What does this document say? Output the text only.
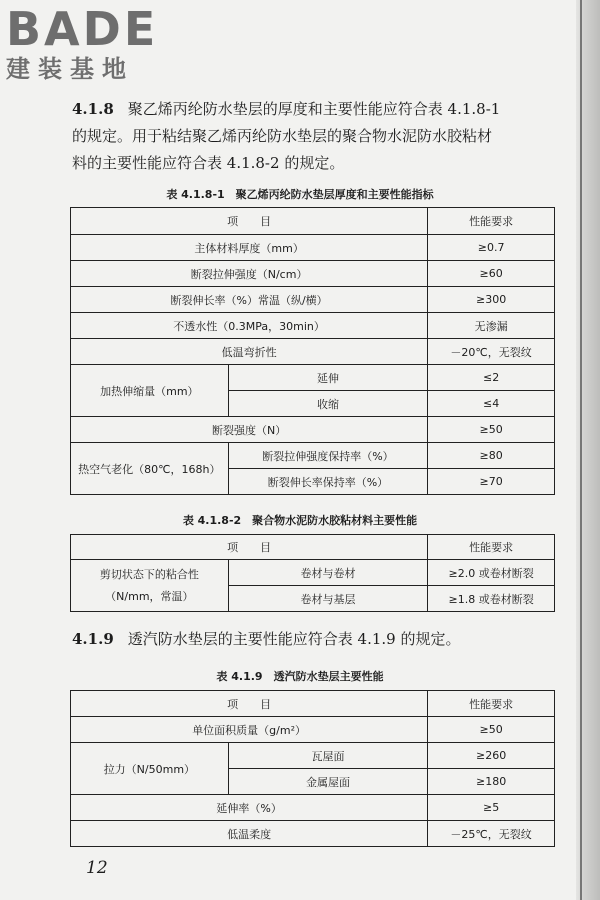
BADE
建装基地
4.1.8 聚乙烯丙纶防水垫层的厚度和主要性能应符合表 4.1.8-1
的规定。用于粘结聚乙烯丙纶防水垫层的聚合物水泥防水胶粘材
料的主要性能应符合表 4.1.8-2 的规定。
表 4.1.8-1　聚乙烯丙纶防水垫层厚度和主要性能指标
项　　目		性能要求
主体材料厚度（mm）		≥0.7
断裂拉伸强度（N/cm）		≥60
断裂伸长率（%）常温（纵/横）		≥300
不透水性（0.3MPa，30min）		无渗漏
低温弯折性		－20℃，无裂纹
加热伸缩量（mm）	延伸	≤2
	收缩	≤4
断裂强度（N）		≥50
热空气老化（80℃，168h）	断裂拉伸强度保持率（%）	≥80
	断裂伸长率保持率（%）	≥70
表 4.1.8-2　聚合物水泥防水胶粘材料主要性能
项　　目		性能要求

剪切状态下的粘合性
（N/mm，常温）	卷材与卷材	≥2.0 或卷材断裂
	卷材与基层	≥1.8 或卷材断裂
4.1.9 透汽防水垫层的主要性能应符合表 4.1.9 的规定。
表 4.1.9　透汽防水垫层主要性能
项　　目		性能要求
单位面积质量（g/m²）		≥50
拉力（N/50mm）	瓦屋面	≥260
	金属屋面	≥180
延伸率（%）		≥5
低温柔度		－25℃，无裂纹
12
